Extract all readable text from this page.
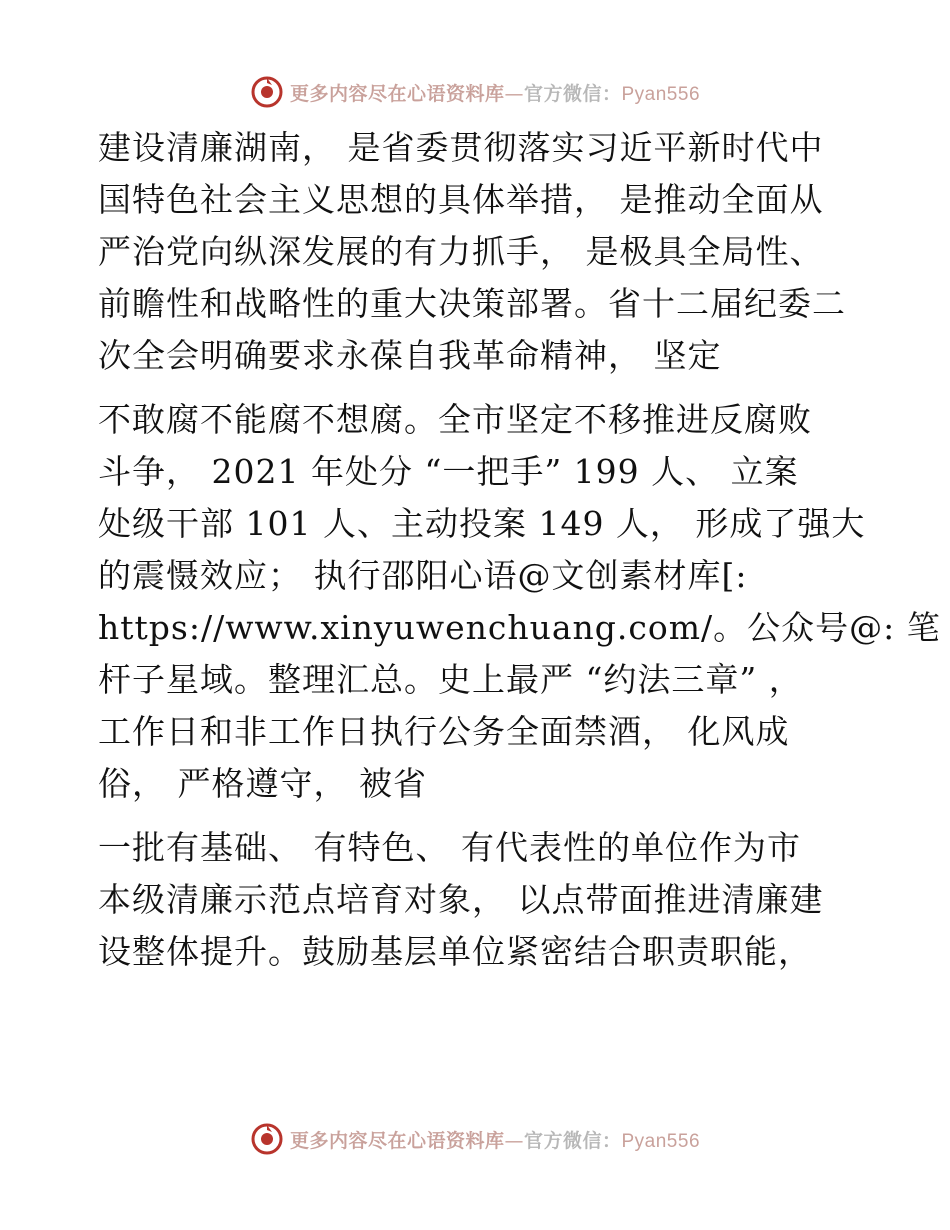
更多内容尽在心语资料库—官方微信：Pyan556

建设清廉湖南， 是省委贯彻落实习近平新时代中
国特色社会主义思想的具体举措， 是推动全面从
严治党向纵深发展的有力抓手， 是极具全局性、
前瞻性和战略性的重大决策部署。省十二届纪委二
次全会明确要求永葆自我革命精神， 坚定

不敢腐不能腐不想腐。全市坚定不移推进反腐败
斗争， 2021 年处分 “一把手” 199 人、 立案
处级干部 101 人、主动投案 149 人， 形成了强大
的震慑效应； 执行邵阳心语@文创素材库[:
https://www.xinyuwenchuang.com/。公众号@: 笔
杆子星域。整理汇总。史上最严 “约法三章” ，
工作日和非工作日执行公务全面禁酒， 化风成
俗， 严格遵守， 被省

一批有基础、 有特色、 有代表性的单位作为市
本级清廉示范点培育对象， 以点带面推进清廉建
设整体提升。鼓励基层单位紧密结合职责职能，

更多内容尽在心语资料库—官方微信：Pyan556
